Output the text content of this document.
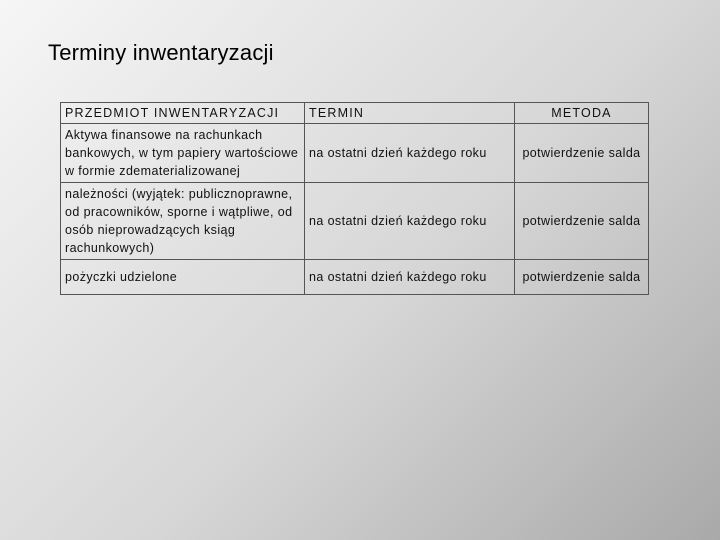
Terminy inwentaryzacji
PRZEDMIOT INWENTARYZACJI	TERMIN	METODA
Aktywa finansowe na rachunkach bankowych, w tym papiery wartościowe w formie zdematerializowanej	na ostatni dzień każdego roku	potwierdzenie salda
należności (wyjątek: publicznoprawne, od pracowników, sporne i wątpliwe, od osób nieprowadzących ksiąg rachunkowych)	na ostatni dzień każdego roku	potwierdzenie salda
pożyczki udzielone	na ostatni dzień każdego roku	potwierdzenie salda
